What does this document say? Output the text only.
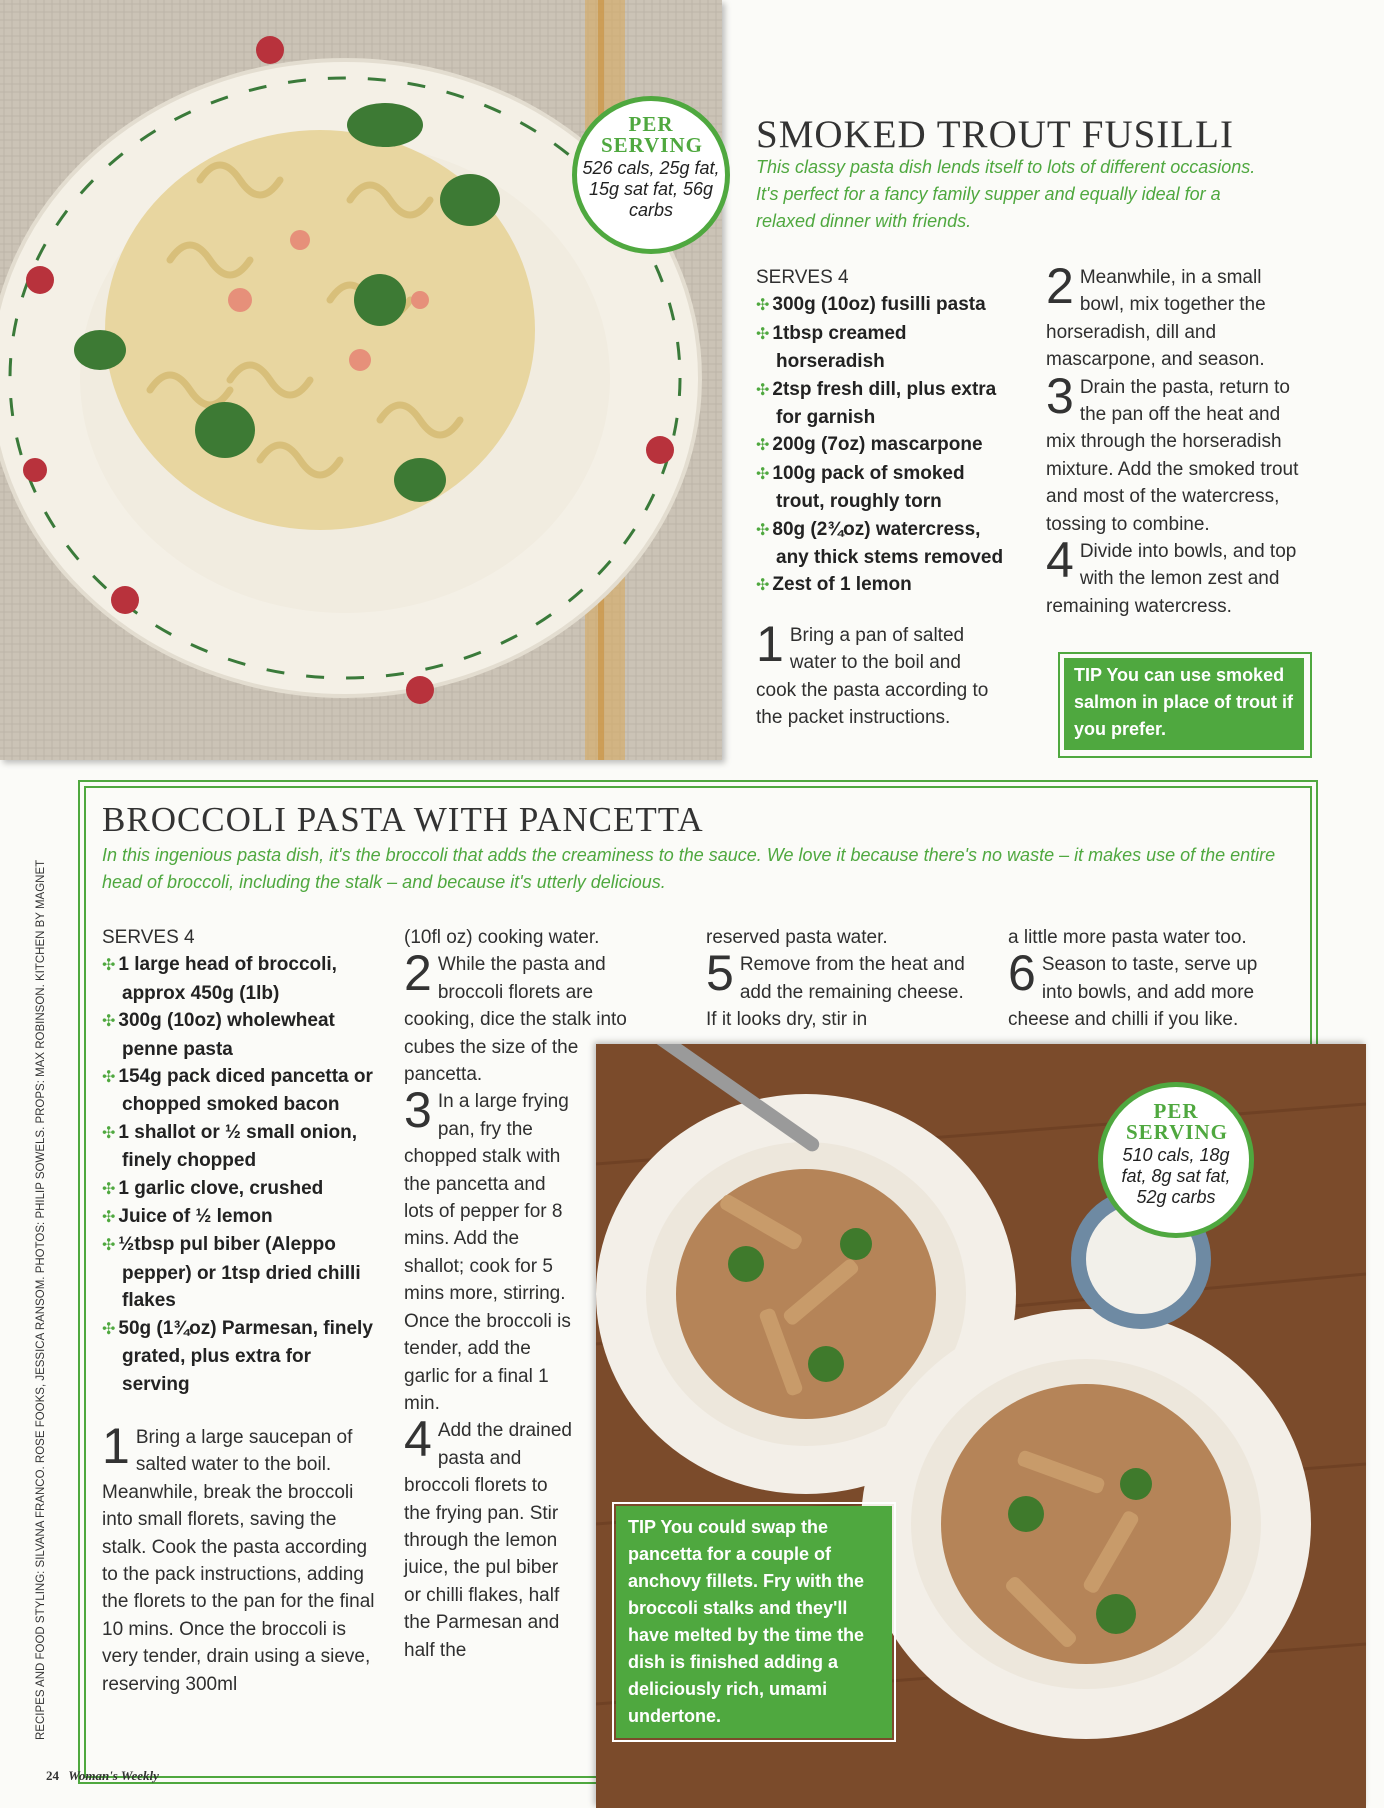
PER SERVING
526 cals, 25g fat, 15g sat fat, 56g carbs
SMOKED TROUT FUSILLI
This classy pasta dish lends itself to lots of different occasions. It's perfect for a fancy family supper and equally ideal for a relaxed dinner with friends.

SERVES 4

✣ 300g (10oz) fusilli pasta

✣ 1tbsp creamed horseradish

✣ 2tsp fresh dill, plus extra for garnish

✣ 200g (7oz) mascarpone

✣ 100g pack of smoked trout, roughly torn

✣ 80g (2¾oz) watercress, any thick stems removed

✣ Zest of 1 lemon

1 Bring a pan of salted water to the boil and cook the pasta according to the packet instructions.

2 Meanwhile, in a small bowl, mix together the horseradish, dill and mascarpone, and season.

3 Drain the pasta, return to the pan off the heat and mix through the horseradish mixture. Add the smoked trout and most of the watercress, tossing to combine.

4 Divide into bowls, and top with the lemon zest and remaining watercress.

TIP You can use smoked salmon in place of trout if you prefer.
BROCCOLI PASTA WITH PANCETTA
In this ingenious pasta dish, it's the broccoli that adds the creaminess to the sauce. We love it because there's no waste – it makes use of the entire head of broccoli, including the stalk – and because it's utterly delicious.

SERVES 4

✣ 1 large head of broccoli, approx 450g (1lb)

✣ 300g (10oz) wholewheat penne pasta

✣ 154g pack diced pancetta or chopped smoked bacon

✣ 1 shallot or ½ small onion, finely chopped

✣ 1 garlic clove, crushed

✣ Juice of ½ lemon

✣ ½tbsp pul biber (Aleppo pepper) or 1tsp dried chilli flakes

✣ 50g (1¾oz) Parmesan, finely grated, plus extra for serving

1 Bring a large saucepan of salted water to the boil. Meanwhile, break the broccoli into small florets, saving the stalk. Cook the pasta according to the pack instructions, adding the florets to the pan for the final 10 mins. Once the broccoli is very tender, drain using a sieve, reserving 300ml

(10fl oz) cooking water.

2 While the pasta and broccoli florets are cooking, dice the stalk into cubes the size of the pancetta.

3 In a large frying pan, fry the chopped stalk with the pancetta and lots of pepper for 8 mins. Add the shallot; cook for 5 mins more, stirring. Once the broccoli is tender, add the garlic for a final 1 min.

4 Add the drained pasta and broccoli florets to the frying pan. Stir through the lemon juice, the pul biber or chilli flakes, half the Parmesan and half the

reserved pasta water.

5 Remove from the heat and add the remaining cheese. If it looks dry, stir in

a little more pasta water too.

6 Season to taste, serve up into bowls, and add more cheese and chilli if you like.

PER SERVING
510 cals, 18g fat, 8g sat fat, 52g carbs
TIP You could swap the pancetta for a couple of anchovy fillets. Fry with the broccoli stalks and they'll have melted by the time the dish is finished adding a deliciously rich, umami undertone.
RECIPES AND FOOD STYLING: SILVANA FRANCO. ROSE FOOKS, JESSICA RANSOM. PHOTOS: PHILIP SOWELS. PROPS: MAX ROBINSON. KITCHEN BY MAGNET
24 Woman's Weekly
